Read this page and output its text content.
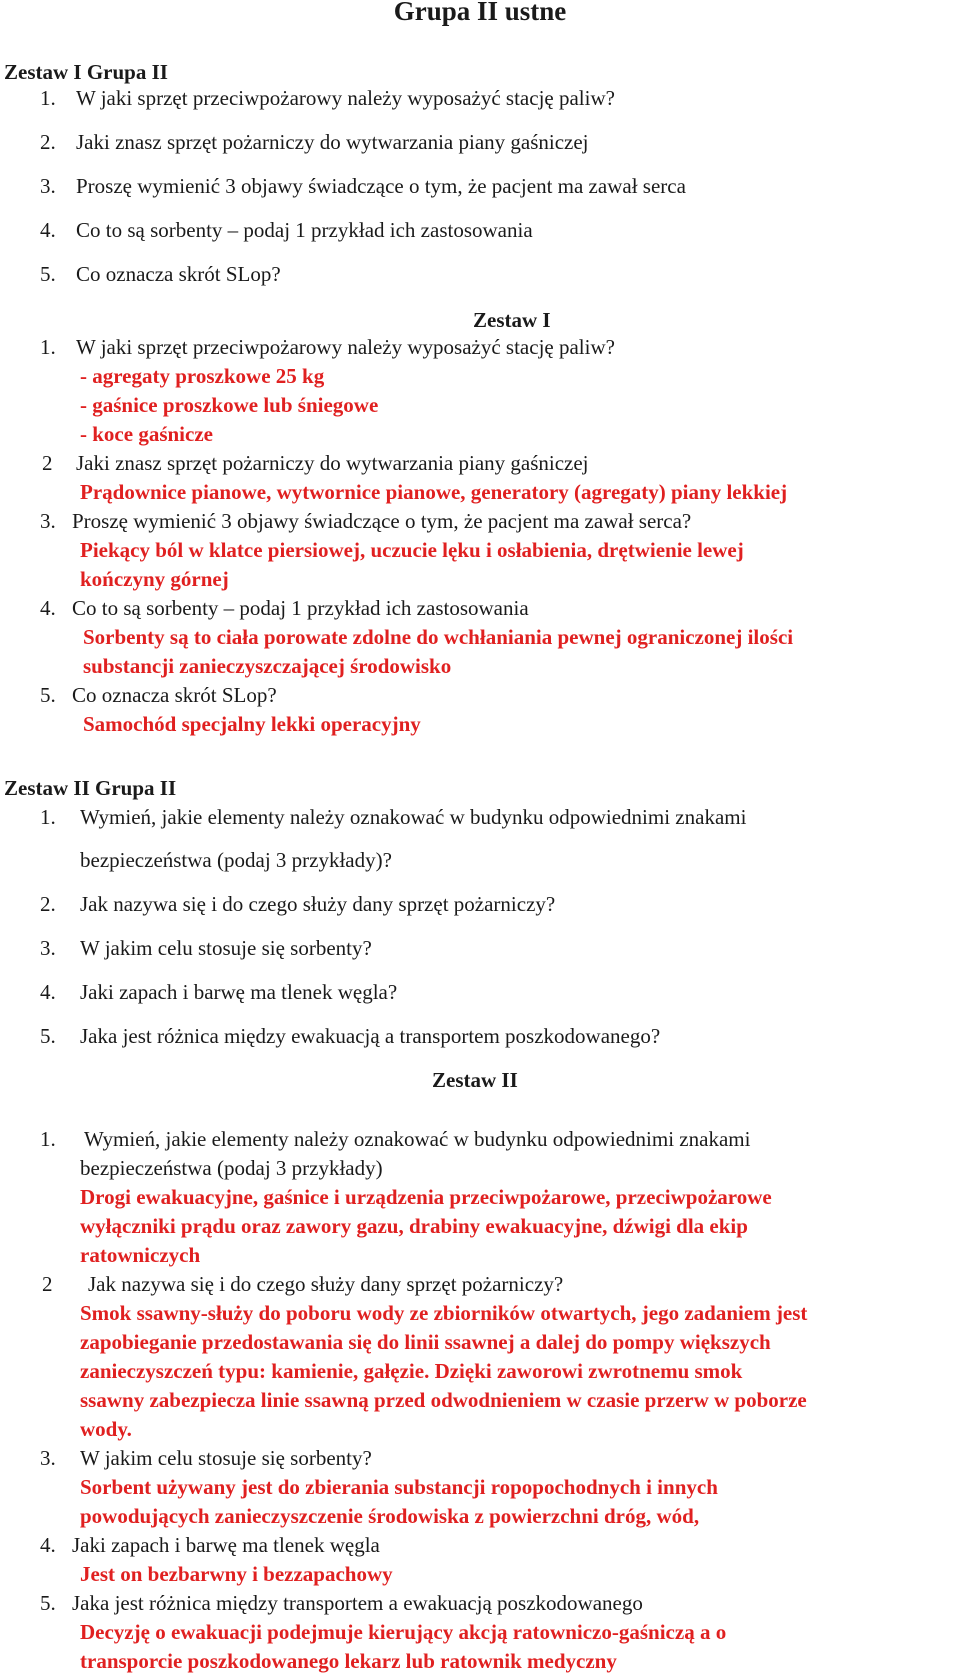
Grupa II ustne
Zestaw I Grupa II
1. W jaki sprzęt przeciwpożarowy należy wyposażyć stację paliw?
2. Jaki znasz sprzęt pożarniczy do wytwarzania piany gaśniczej
3. Proszę wymienić 3 objawy świadczące o tym, że pacjent ma zawał serca
4. Co to są sorbenty – podaj 1 przykład ich zastosowania
5. Co oznacza skrót SLop?
Zestaw I
1. W jaki sprzęt przeciwpożarowy należy wyposażyć stację paliw?
- agregaty proszkowe 25 kg
- gaśnice proszkowe lub śniegowe
- koce gaśnicze
2 Jaki znasz sprzęt pożarniczy do wytwarzania piany gaśniczej
Prądownice pianowe, wytwornice pianowe, generatory (agregaty) piany lekkiej
3. Proszę wymienić 3 objawy świadczące o tym, że pacjent ma zawał serca?
Piekący ból w klatce piersiowej, uczucie lęku i osłabienia, drętwienie lewej
kończyny górnej
4. Co to są sorbenty – podaj 1 przykład ich zastosowania
Sorbenty są to ciała porowate zdolne do wchłaniania pewnej ograniczonej ilości
substancji zanieczyszczającej środowisko
5. Co oznacza skrót SLop?
Samochód specjalny lekki operacyjny
Zestaw II Grupa II
1. Wymień, jakie elementy należy oznakować w budynku odpowiednimi znakami
bezpieczeństwa (podaj 3 przykłady)?
2. Jak nazywa się i do czego służy dany sprzęt pożarniczy?
3. W jakim celu stosuje się sorbenty?
4. Jaki zapach i barwę ma tlenek węgla?
5. Jaka jest różnica między ewakuacją a transportem poszkodowanego?
Zestaw II
1. Wymień, jakie elementy należy oznakować w budynku odpowiednimi znakami
bezpieczeństwa (podaj 3 przykłady)
Drogi ewakuacyjne, gaśnice i urządzenia przeciwpożarowe, przeciwpożarowe
wyłączniki prądu oraz zawory gazu, drabiny ewakuacyjne, dźwigi dla ekip
ratowniczych
2 Jak nazywa się i do czego służy dany sprzęt pożarniczy?
Smok ssawny-służy do poboru wody ze zbiorników otwartych, jego zadaniem jest
zapobieganie przedostawania się do linii ssawnej a dalej do pompy większych
zanieczyszczeń typu: kamienie, gałęzie. Dzięki zaworowi zwrotnemu smok
ssawny zabezpiecza linie ssawną przed odwodnieniem w czasie przerw w poborze
wody.
3. W jakim celu stosuje się sorbenty?
Sorbent używany jest do zbierania substancji ropopochodnych i innych
powodujących zanieczyszczenie środowiska z powierzchni dróg, wód,
4. Jaki zapach i barwę ma tlenek węgla
Jest on bezbarwny i bezzapachowy
5. Jaka jest różnica między transportem a ewakuacją poszkodowanego
Decyzję o ewakuacji podejmuje kierujący akcją ratowniczo-gaśniczą a o
transporcie poszkodowanego lekarz lub ratownik medyczny
